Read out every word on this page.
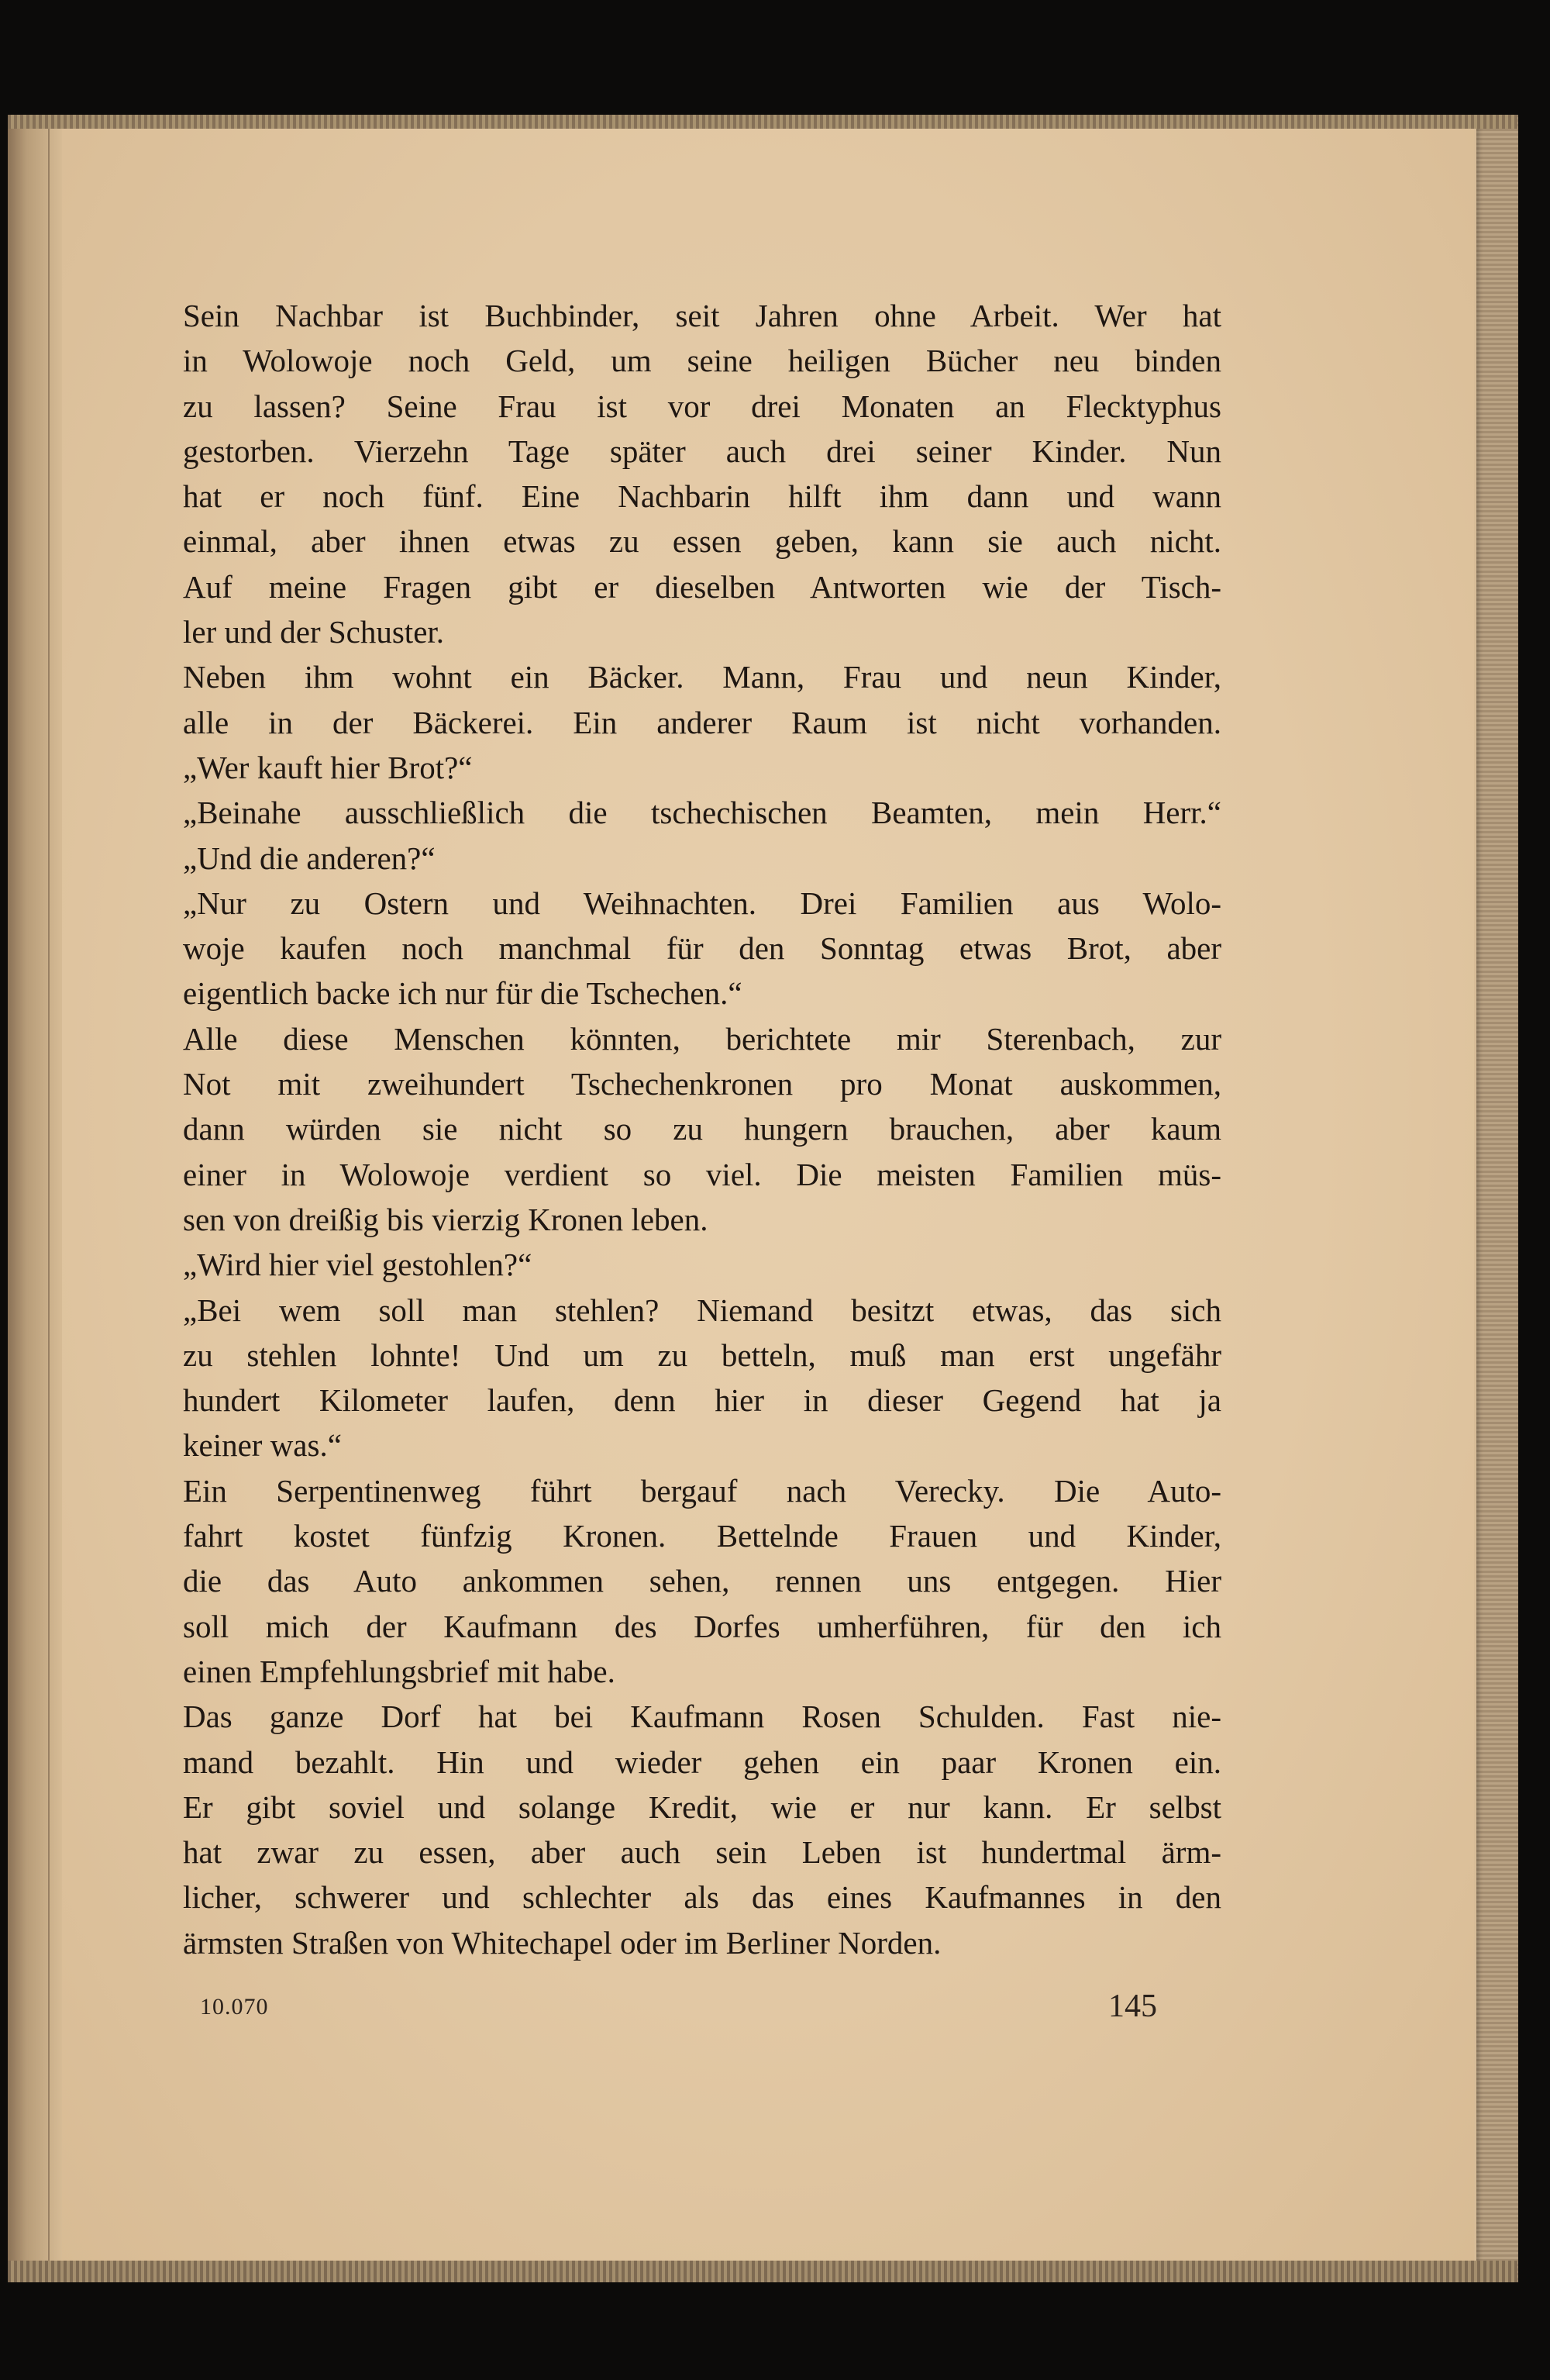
Sein Nachbar ist Buchbinder, seit Jahren ohne Arbeit. Wer hat
in Wolowoje noch Geld, um seine heiligen Bücher neu binden
zu lassen? Seine Frau ist vor drei Monaten an Flecktyphus
gestorben. Vierzehn Tage später auch drei seiner Kinder. Nun
hat er noch fünf. Eine Nachbarin hilft ihm dann und wann
einmal, aber ihnen etwas zu essen geben, kann sie auch nicht.
Auf meine Fragen gibt er dieselben Antworten wie der Tisch-
ler und der Schuster.
Neben ihm wohnt ein Bäcker. Mann, Frau und neun Kinder,
alle in der Bäckerei. Ein anderer Raum ist nicht vorhanden.
„Wer kauft hier Brot?“
„Beinahe ausschließlich die tschechischen Beamten, mein Herr.“
„Und die anderen?“
„Nur zu Ostern und Weihnachten. Drei Familien aus Wolo-
woje kaufen noch manchmal für den Sonntag etwas Brot, aber
eigentlich backe ich nur für die Tschechen.“
Alle diese Menschen könnten, berichtete mir Sterenbach, zur
Not mit zweihundert Tschechenkronen pro Monat auskommen,
dann würden sie nicht so zu hungern brauchen, aber kaum
einer in Wolowoje verdient so viel. Die meisten Familien müs-
sen von dreißig bis vierzig Kronen leben.
„Wird hier viel gestohlen?“
„Bei wem soll man stehlen? Niemand besitzt etwas, das sich
zu stehlen lohnte! Und um zu betteln, muß man erst ungefähr
hundert Kilometer laufen, denn hier in dieser Gegend hat ja
keiner was.“
Ein Serpentinenweg führt bergauf nach Verecky. Die Auto-
fahrt kostet fünfzig Kronen. Bettelnde Frauen und Kinder,
die das Auto ankommen sehen, rennen uns entgegen. Hier
soll mich der Kaufmann des Dorfes umherführen, für den ich
einen Empfehlungsbrief mit habe.
Das ganze Dorf hat bei Kaufmann Rosen Schulden. Fast nie-
mand bezahlt. Hin und wieder gehen ein paar Kronen ein.
Er gibt soviel und solange Kredit, wie er nur kann. Er selbst
hat zwar zu essen, aber auch sein Leben ist hundertmal ärm-
licher, schwerer und schlechter als das eines Kaufmannes in den
ärmsten Straßen von Whitechapel oder im Berliner Norden.
10.070	145
